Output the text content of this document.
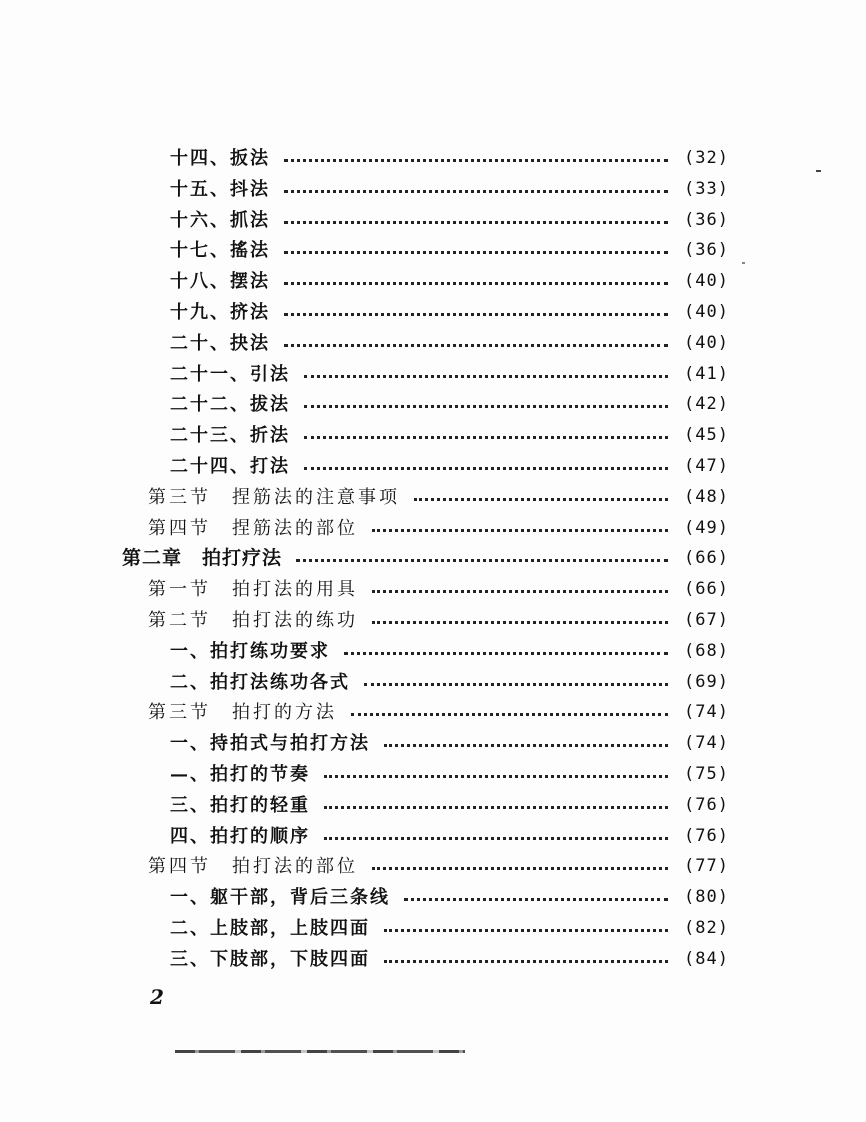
十四、扳法	(32)
十五、抖法	(33)
十六、抓法	(36)
十七、搖法	(36)
十八、摆法	(40)
十九、挤法	(40)
二十、抉法	(40)
二十一、引法	(41)
二十二、拔法	(42)
二十三、折法	(45)
二十四、打法	(47)
第三节　捏筋法的注意事项	(48)
第四节　捏筋法的部位	(49)
第二章　拍打疗法	(66)
第一节　拍打法的用具	(66)
第二节　拍打法的练功	(67)
一、拍打练功要求	(68)
二、拍打法练功各式	(69)
第三节　拍打的方法	(74)
一、持拍式与拍打方法	(74)
—、拍打的节奏	(75)
三、拍打的轻重	(76)
四、拍打的顺序	(76)
第四节　拍打法的部位	(77)
一、躯干部，背后三条线	(80)
二、上肢部，上肢四面	(82)
三、下肢部，下肢四面	(84)
2
